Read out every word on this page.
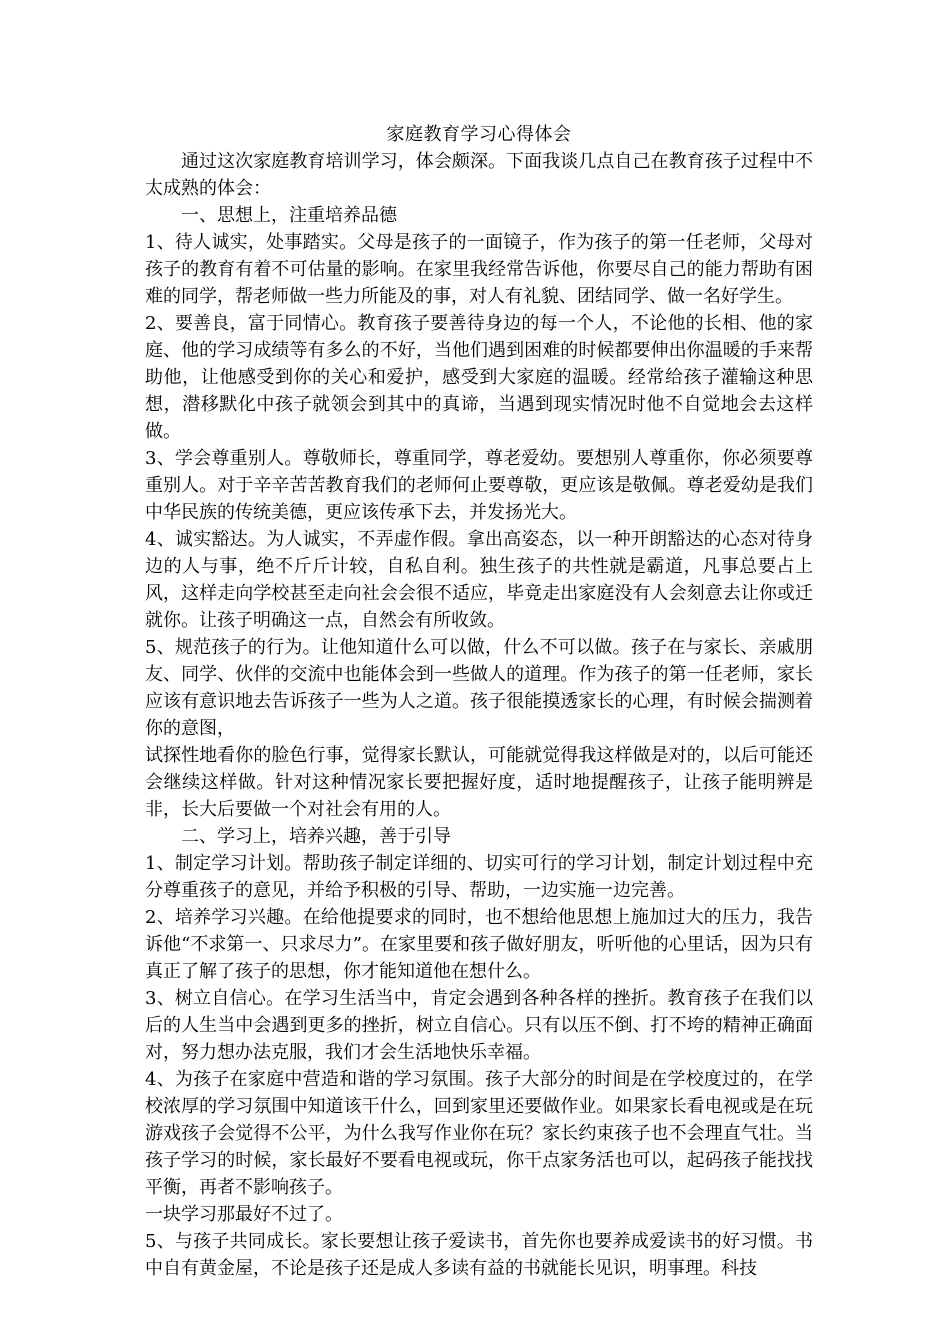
家庭教育学习心得体会

通过这次家庭教育培训学习，体会颇深。下面我谈几点自己在教育孩子过程中不太成熟的体会：

一、思想上，注重培养品德

1、待人诚实，处事踏实。父母是孩子的一面镜子，作为孩子的第一任老师，父母对孩子的教育有着不可估量的影响。在家里我经常告诉他，你要尽自己的能力帮助有困难的同学，帮老师做一些力所能及的事，对人有礼貌、团结同学、做一名好学生。

2、要善良，富于同情心。教育孩子要善待身边的每一个人，不论他的长相、他的家庭、他的学习成绩等有多么的不好，当他们遇到困难的时候都要伸出你温暖的手来帮助他，让他感受到你的关心和爱护，感受到大家庭的温暖。经常给孩子灌输这种思想，潜移默化中孩子就领会到其中的真谛，当遇到现实情况时他不自觉地会去这样做。

3、学会尊重别人。尊敬师长，尊重同学，尊老爱幼。要想别人尊重你，你必须要尊重别人。对于辛辛苦苦教育我们的老师何止要尊敬，更应该是敬佩。尊老爱幼是我们中华民族的传统美德，更应该传承下去，并发扬光大。

4、诚实豁达。为人诚实，不弄虚作假。拿出高姿态，以一种开朗豁达的心态对待身边的人与事，绝不斤斤计较，自私自利。独生孩子的共性就是霸道，凡事总要占上风，这样走向学校甚至走向社会会很不适应，毕竟走出家庭没有人会刻意去让你或迁就你。让孩子明确这一点，自然会有所收敛。

5、规范孩子的行为。让他知道什么可以做，什么不可以做。孩子在与家长、亲戚朋友、同学、伙伴的交流中也能体会到一些做人的道理。作为孩子的第一任老师，家长应该有意识地去告诉孩子一些为人之道。孩子很能摸透家长的心理，有时候会揣测着你的意图，

试探性地看你的脸色行事，觉得家长默认，可能就觉得我这样做是对的，以后可能还会继续这样做。针对这种情况家长要把握好度，适时地提醒孩子，让孩子能明辨是非，长大后要做一个对社会有用的人。

二、学习上，培养兴趣，善于引导

1、制定学习计划。帮助孩子制定详细的、切实可行的学习计划，制定计划过程中充分尊重孩子的意见，并给予积极的引导、帮助，一边实施一边完善。

2、培养学习兴趣。在给他提要求的同时，也不想给他思想上施加过大的压力，我告诉他“不求第一、只求尽力”。在家里要和孩子做好朋友，听听他的心里话，因为只有真正了解了孩子的思想，你才能知道他在想什么。

3、树立自信心。在学习生活当中，肯定会遇到各种各样的挫折。教育孩子在我们以后的人生当中会遇到更多的挫折，树立自信心。只有以压不倒、打不垮的精神正确面对，努力想办法克服，我们才会生活地快乐幸福。

4、为孩子在家庭中营造和谐的学习氛围。孩子大部分的时间是在学校度过的，在学校浓厚的学习氛围中知道该干什么，回到家里还要做作业。如果家长看电视或是在玩游戏孩子会觉得不公平，为什么我写作业你在玩？家长约束孩子也不会理直气壮。当孩子学习的时候，家长最好不要看电视或玩，你干点家务活也可以，起码孩子能找找平衡，再者不影响孩子。

一块学习那最好不过了。

5、与孩子共同成长。家长要想让孩子爱读书，首先你也要养成爱读书的好习惯。书中自有黄金屋，不论是孩子还是成人多读有益的书就能长见识，明事理。科技
